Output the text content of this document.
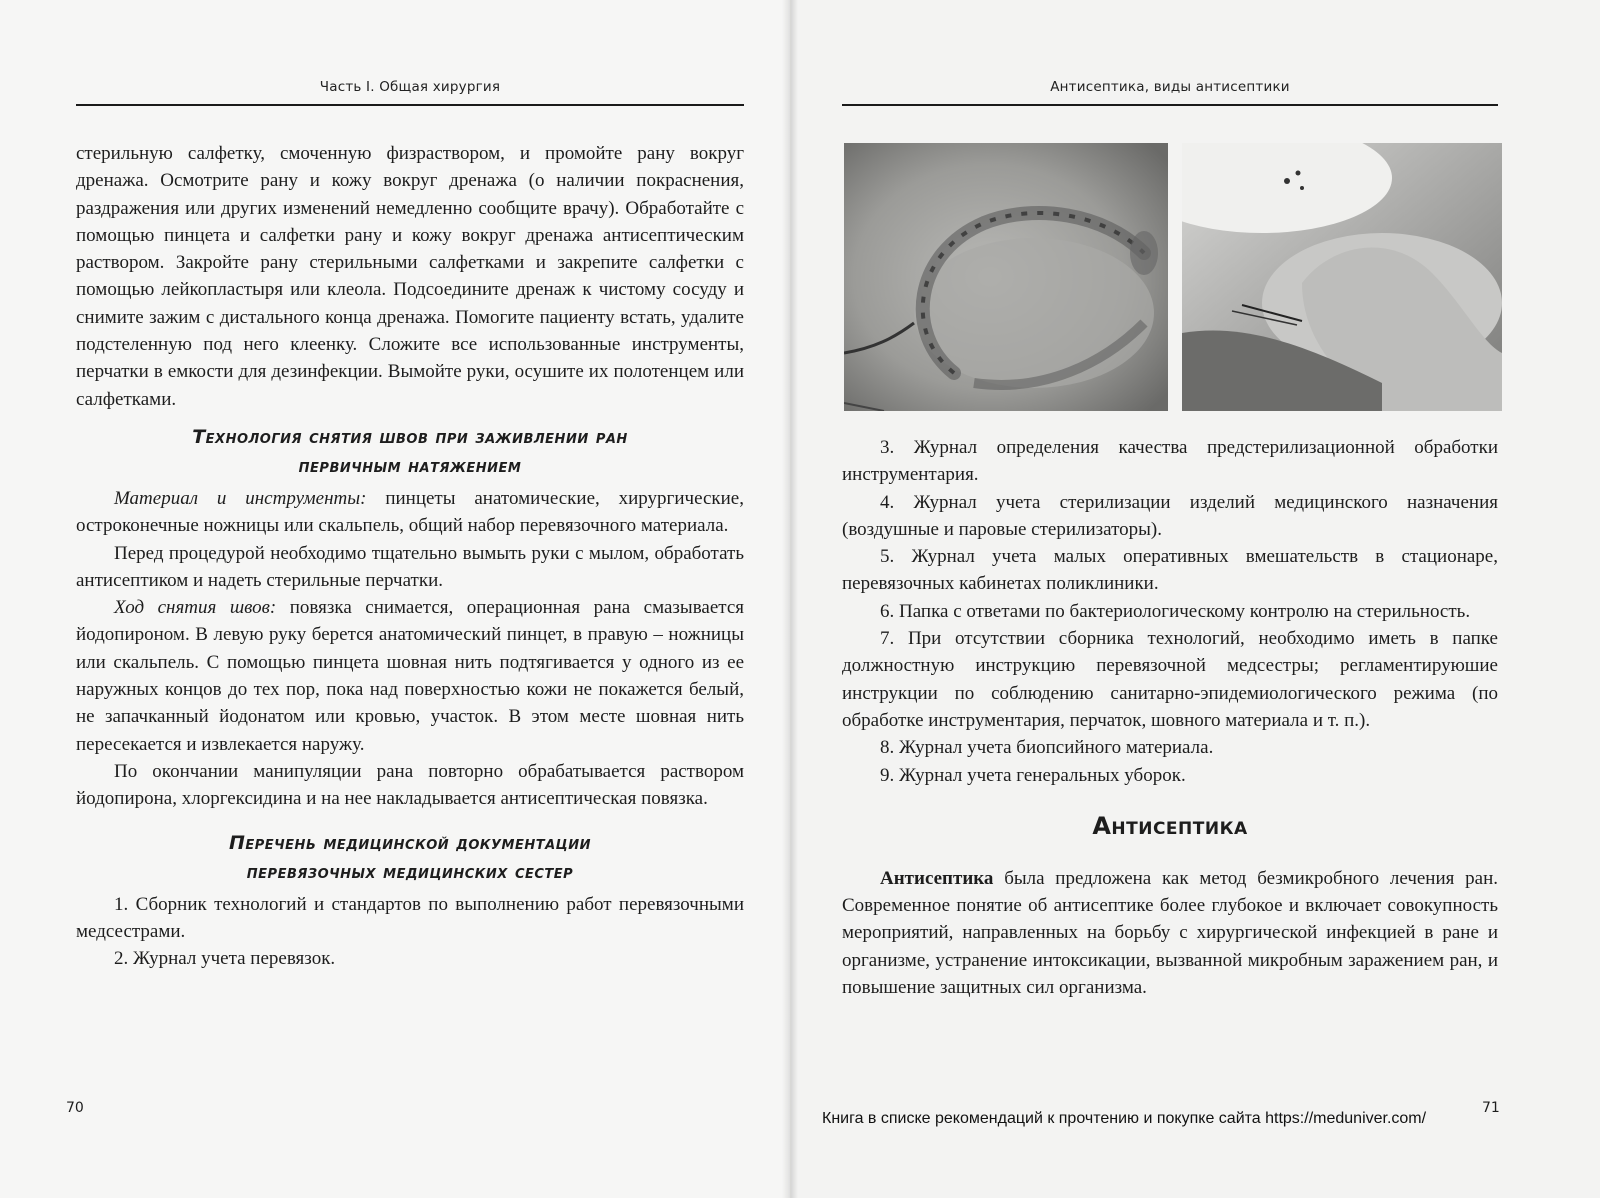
Часть I. Общая хирургия

стерильную салфетку, смоченную физраствором, и промойте рану вокруг дренажа. Осмотрите рану и кожу вокруг дренажа (о наличии покраснения, раздражения или других изменений немедленно сообщите врачу). Обработайте с помощью пинцета и салфетки рану и кожу вокруг дренажа антисептическим раствором. Закройте рану стерильными салфетками и закрепите салфетки с помощью лейкопластыря или клеола. Подсоедините дренаж к чистому сосуду и снимите зажим с дистального конца дренажа. Помогите пациенту встать, удалите подстеленную под него клеенку. Сложите все использованные инструменты, перчатки в емкости для дезинфекции. Вымойте руки, осушите их полотенцем или салфетками.

Технология снятия швов при заживлении ран
первичным натяжением

Материал и инструменты: пинцеты анатомические, хирургические, остроконечные ножницы или скальпель, общий набор перевязочного материала.

Перед процедурой необходимо тщательно вымыть руки с мылом, обработать антисептиком и надеть стерильные перчатки.

Ход снятия швов: повязка снимается, операционная рана смазывается йодопироном. В левую руку берется анатомический пинцет, в правую – ножницы или скальпель. С помощью пинцета шовная нить подтягивается у одного из ее наружных концов до тех пор, пока над поверхностью кожи не покажется белый, не запачканный йодонатом или кровью, участок. В этом месте шовная нить пересекается и извлекается наружу.

По окончании манипуляции рана повторно обрабатывается раствором йодопирона, хлоргексидина и на нее накладывается антисептическая повязка.

Перечень медицинской документации
перевязочных медицинских сестер

1. Сборник технологий и стандартов по выполнению работ перевязочными медсестрами.

2. Журнал учета перевязок.

70
Антисептика, виды антисептики

3. Журнал определения качества предстерилизационной обработки инструментария.

4. Журнал учета стерилизации изделий медицинского назначения (воздушные и паровые стерилизаторы).

5. Журнал учета малых оперативных вмешательств в стационаре, перевязочных кабинетах поликлиники.

6. Папка с ответами по бактериологическому контролю на стерильность.

7. При отсутствии сборника технологий, необходимо иметь в папке должностную инструкцию перевязочной медсестры; регламентируюшие инструкции по соблюдению санитарно-эпидемиологического режима (по обработке инструментария, перчаток, шовного материала и т. п.).

8. Журнал учета биопсийного материала.

9. Журнал учета генеральных уборок.

Антисептика

Антисептика была предложена как метод безмикробного лечения ран. Современное понятие об антисептике более глубокое и включает совокупность мероприятий, направленных на борьбу с хирургической инфекцией в ране и организме, устранение интоксикации, вызванной микробным заражением ран, и повышение защитных сил организма.

71
Книга в списке рекомендаций к прочтению и покупке сайта https://meduniver.com/
